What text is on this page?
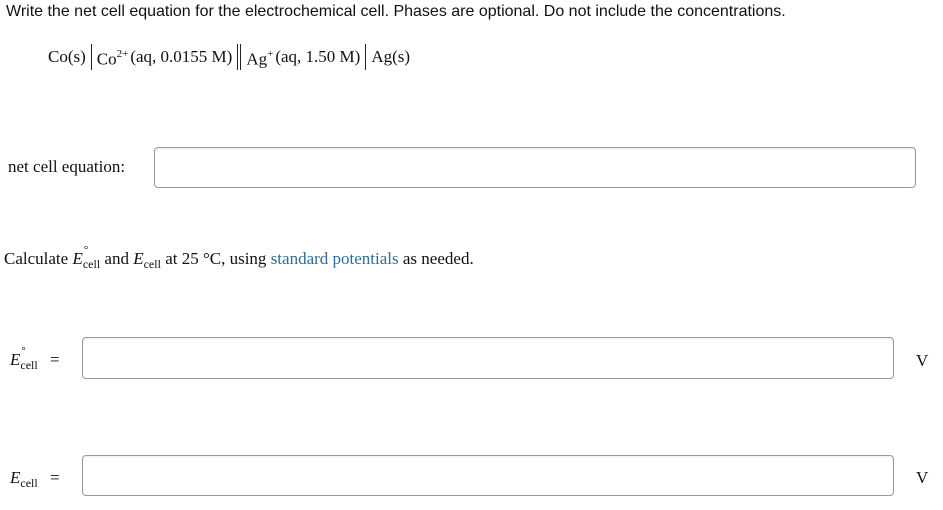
Write the net cell equation for the electrochemical cell. Phases are optional. Do not include the concentrations.
Co(s) $Co^{2+}$ (aq, 0.0155 M) Ag+ (aq, 1.50 M) Ag(s)
net cell equation:
Calculate E °
$_{cell}$ and $E_{cell}$ at 25 °C, using standard potentials as needed.
E °
$_{cell}$ =	V
$E_{cell}$ =	V
